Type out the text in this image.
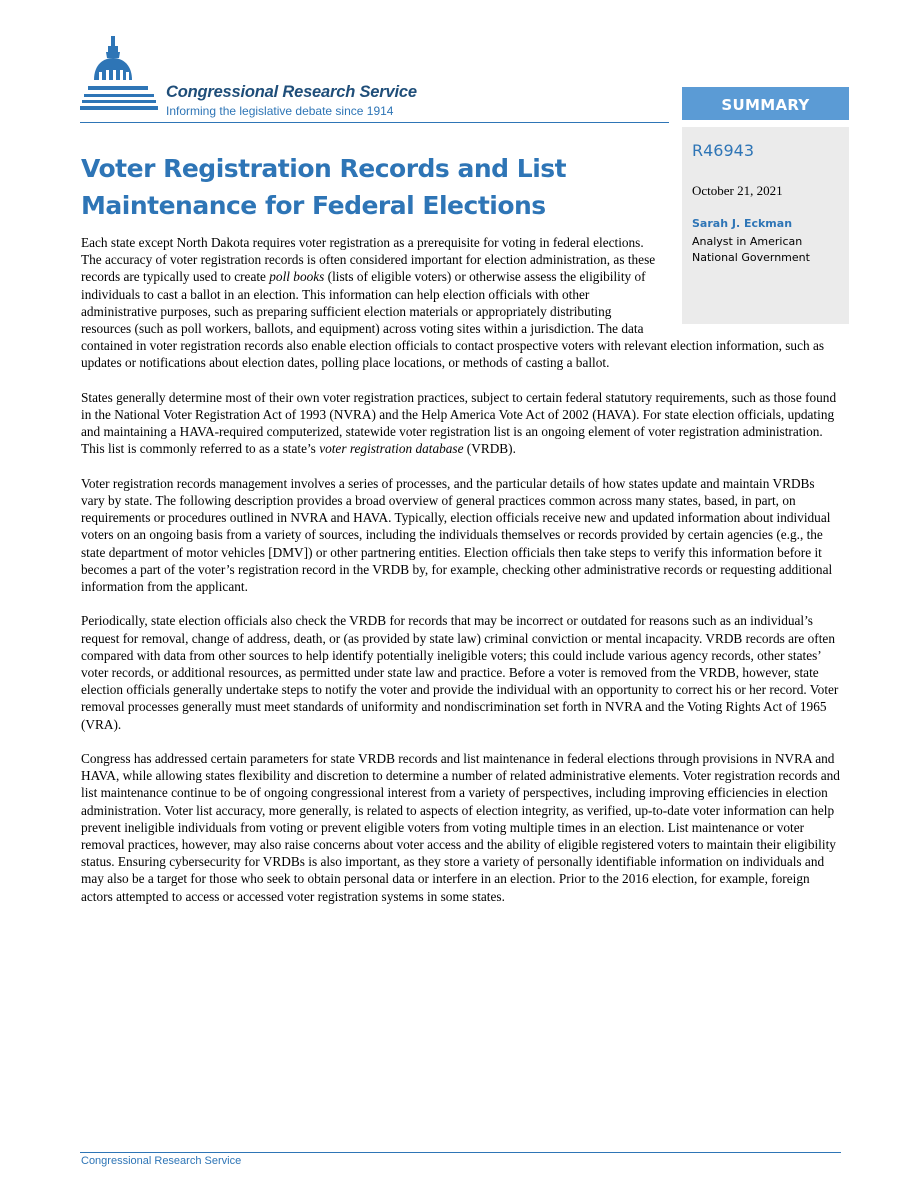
Congressional Research Service
Informing the legislative debate since 1914	SUMMARY
R46943
October 21, 2021
Sarah J. Eckman
Analyst in American National Government
Voter Registration Records and List Maintenance for Federal Elections

Each state except North Dakota requires voter registration as a prerequisite for voting in federal elections. The accuracy of voter registration records is often considered important for election administration, as these records are typically used to create poll books (lists of eligible voters) or otherwise assess the eligibility of individuals to cast a ballot in an election. This information can help election officials with other administrative purposes, such as preparing sufficient election materials or appropriately distributing resources (such as poll workers, ballots, and equipment) across voting sites within a jurisdiction. The data contained in voter registration records also enable election officials to contact prospective voters with relevant election information, such as updates or notifications about election dates, polling place locations, or methods of casting a ballot.

States generally determine most of their own voter registration practices, subject to certain federal statutory requirements, such as those found in the National Voter Registration Act of 1993 (NVRA) and the Help America Vote Act of 2002 (HAVA). For state election officials, updating and maintaining a HAVA-required computerized, statewide voter registration list is an ongoing element of voter registration administration. This list is commonly referred to as a state’s voter registration database (VRDB).

Voter registration records management involves a series of processes, and the particular details of how states update and maintain VRDBs vary by state. The following description provides a broad overview of general practices common across many states, based, in part, on requirements or procedures outlined in NVRA and HAVA. Typically, election officials receive new and updated information about individual voters on an ongoing basis from a variety of sources, including the individuals themselves or records provided by certain agencies (e.g., the state department of motor vehicles [DMV]) or other partnering entities. Election officials then take steps to verify this information before it becomes a part of the voter’s registration record in the VRDB by, for example, checking other administrative records or requesting additional information from the applicant.

Periodically, state election officials also check the VRDB for records that may be incorrect or outdated for reasons such as an individual’s request for removal, change of address, death, or (as provided by state law) criminal conviction or mental incapacity. VRDB records are often compared with data from other sources to help identify potentially ineligible voters; this could include various agency records, other states’ voter records, or additional resources, as permitted under state law and practice. Before a voter is removed from the VRDB, however, state election officials generally undertake steps to notify the voter and provide the individual with an opportunity to correct his or her record. Voter removal processes generally must meet standards of uniformity and nondiscrimination set forth in NVRA and the Voting Rights Act of 1965 (VRA).

Congress has addressed certain parameters for state VRDB records and list maintenance in federal elections through provisions in NVRA and HAVA, while allowing states flexibility and discretion to determine a number of related administrative elements. Voter registration records and list maintenance continue to be of ongoing congressional interest from a variety of perspectives, including improving efficiencies in election administration. Voter list accuracy, more generally, is related to aspects of election integrity, as verified, up-to-date voter information can help prevent ineligible individuals from voting or prevent eligible voters from voting multiple times in an election. List maintenance or voter removal practices, however, may also raise concerns about voter access and the ability of eligible registered voters to maintain their eligibility status. Ensuring cybersecurity for VRDBs is also important, as they store a variety of personally identifiable information on individuals and may also be a target for those who seek to obtain personal data or interfere in an election. Prior to the 2016 election, for example, foreign actors attempted to access or accessed voter registration systems in some states.

Congressional Research Service
